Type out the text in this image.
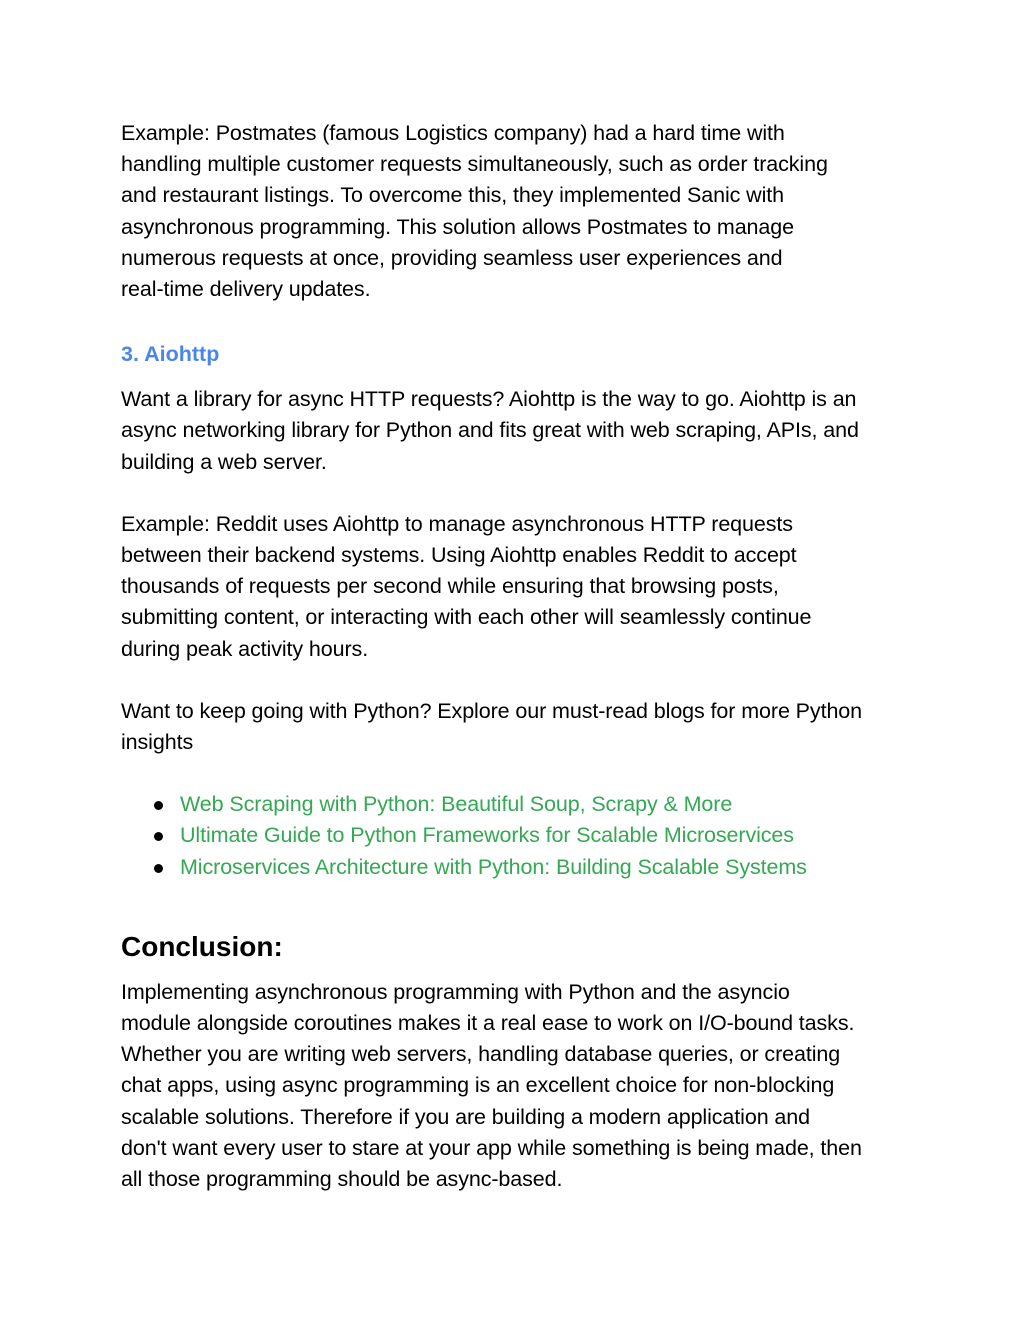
Example: Postmates (famous Logistics company) had a hard time with
handling multiple customer requests simultaneously, such as order tracking
and restaurant listings. To overcome this, they implemented Sanic with
asynchronous programming. This solution allows Postmates to manage
numerous requests at once, providing seamless user experiences and
real-time delivery updates.

3. Aiohttp

Want a library for async HTTP requests? Aiohttp is the way to go. Aiohttp is an
async networking library for Python and fits great with web scraping, APIs, and
building a web server.

Example: Reddit uses Aiohttp to manage asynchronous HTTP requests
between their backend systems. Using Aiohttp enables Reddit to accept
thousands of requests per second while ensuring that browsing posts,
submitting content, or interacting with each other will seamlessly continue
during peak activity hours.

Want to keep going with Python? Explore our must-read blogs for more Python
insights

Web Scraping with Python: Beautiful Soup, Scrapy & More
Ultimate Guide to Python Frameworks for Scalable Microservices
Microservices Architecture with Python: Building Scalable Systems
Conclusion:

Implementing asynchronous programming with Python and the asyncio
module alongside coroutines makes it a real ease to work on I/O-bound tasks.
Whether you are writing web servers, handling database queries, or creating
chat apps, using async programming is an excellent choice for non-blocking
scalable solutions. Therefore if you are building a modern application and
don't want every user to stare at your app while something is being made, then
all those programming should be async-based.
